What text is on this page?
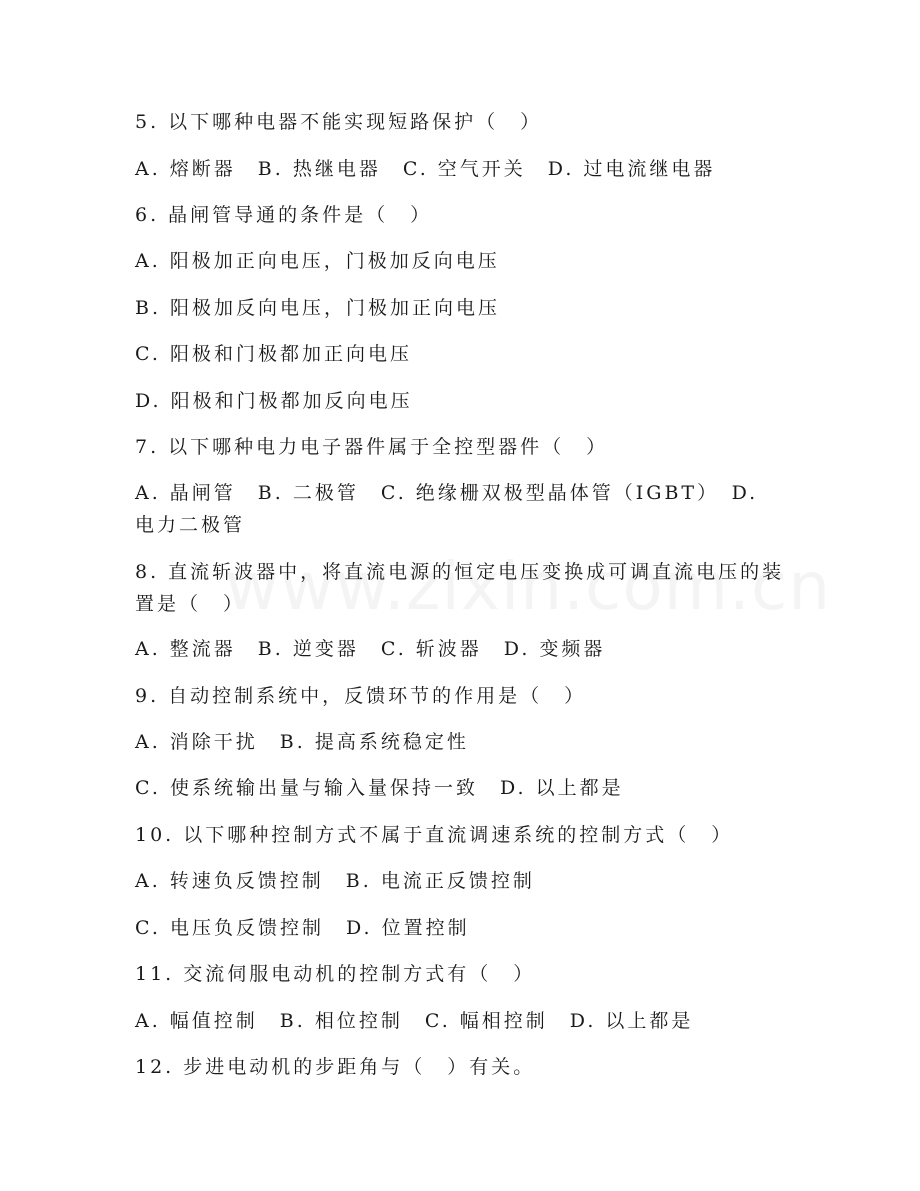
5. 以下哪种电器不能实现短路保护（　）
A. 熔断器　B. 热继电器　C. 空气开关　D. 过电流继电器
6. 晶闸管导通的条件是（　）
A. 阳极加正向电压，门极加反向电压
B. 阳极加反向电压，门极加正向电压
C. 阳极和门极都加正向电压
D. 阳极和门极都加反向电压
7. 以下哪种电力电子器件属于全控型器件（　）
A. 晶闸管　B. 二极管　C. 绝缘栅双极型晶体管（IGBT）　D. 电力二极管
8. 直流斩波器中，将直流电源的恒定电压变换成可调直流电压的装置是（　）
A. 整流器　B. 逆变器　C. 斩波器　D. 变频器
9. 自动控制系统中，反馈环节的作用是（　）
A. 消除干扰　B. 提高系统稳定性
C. 使系统输出量与输入量保持一致　D. 以上都是
10. 以下哪种控制方式不属于直流调速系统的控制方式（　）
A. 转速负反馈控制　B. 电流正反馈控制
C. 电压负反馈控制　D. 位置控制
11. 交流伺服电动机的控制方式有（　）
A. 幅值控制　B. 相位控制　C. 幅相控制　D. 以上都是
12. 步进电动机的步距角与（　）有关。
